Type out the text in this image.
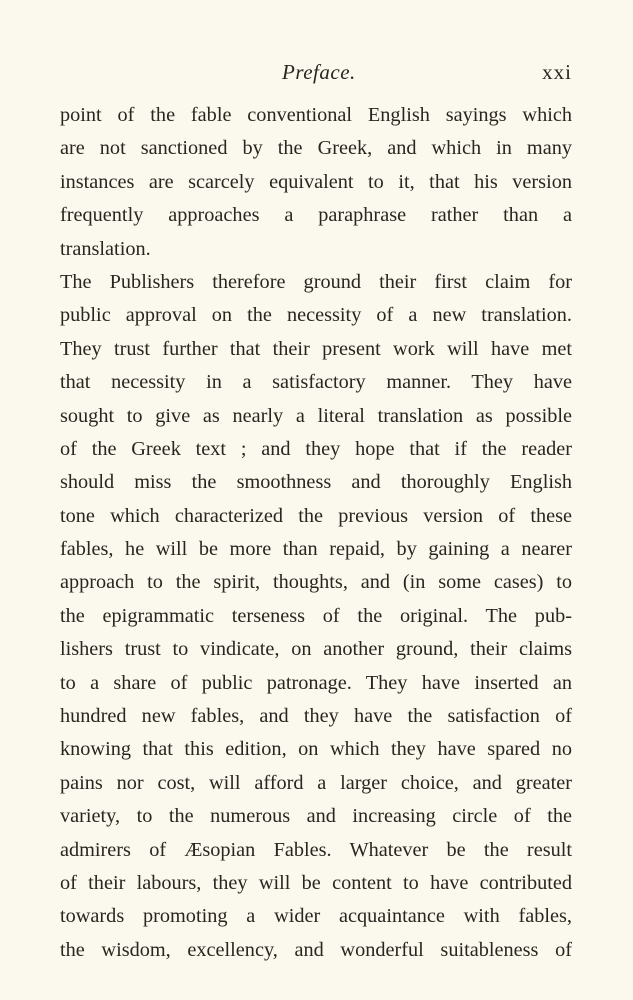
Preface.	xxi
point of the fable conventional English sayings which
are not sanctioned by the Greek, and which in many
instances are scarcely equivalent to it, that his version
frequently approaches a paraphrase rather than a
translation.
The Publishers therefore ground their first claim for
public approval on the necessity of a new translation.
They trust further that their present work will have met
that necessity in a satisfactory manner. They have
sought to give as nearly a literal translation as possible
of the Greek text ; and they hope that if the reader
should miss the smoothness and thoroughly English
tone which characterized the previous version of these
fables, he will be more than repaid, by gaining a nearer
approach to the spirit, thoughts, and (in some cases) to
the epigrammatic terseness of the original. The pub-
lishers trust to vindicate, on another ground, their claims
to a share of public patronage. They have inserted an
hundred new fables, and they have the satisfaction of
knowing that this edition, on which they have spared no
pains nor cost, will afford a larger choice, and greater
variety, to the numerous and increasing circle of the
admirers of Æsopian Fables. Whatever be the result
of their labours, they will be content to have contributed
towards promoting a wider acquaintance with fables,
the wisdom, excellency, and wonderful suitableness of
